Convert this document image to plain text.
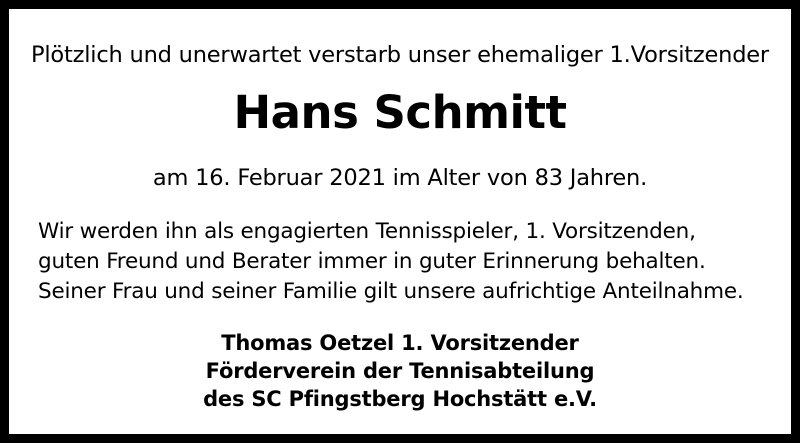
Plötzlich und unerwartet verstarb unser ehemaliger 1.Vorsitzender
Hans Schmitt
am 16. Februar 2021 im Alter von 83 Jahren.
Wir werden ihn als engagierten Tennisspieler, 1. Vorsitzenden,
guten Freund und Berater immer in guter Erinnerung behalten.
Seiner Frau und seiner Familie gilt unsere aufrichtige Anteilnahme.
Thomas Oetzel 1. Vorsitzender
Förderverein der Tennisabteilung
des SC Pfingstberg Hochstätt e.V.
